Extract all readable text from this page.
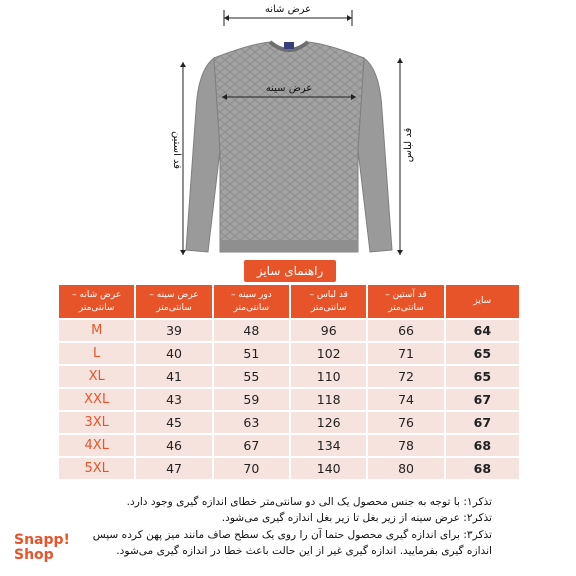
عرض شانه
عرض سینه
قد آستین	قد لباس
راهنمای سایز
عرض شانه – سانتی‌متر	عرض سینه – سانتی‌متر	دور سینه – سانتی‌متر	قد لباس – سانتی‌متر	قد آستین – سانتی‌متر	سایز
M	39	48	96	66	64
L	40	51	102	71	65
XL	41	55	110	72	65
XXL	43	59	118	74	67
3XL	45	63	126	76	67
4XL	46	67	134	78	68
5XL	47	70	140	80	68

تذکر۱: با توجه به جنس محصول یک الی دو سانتی‌متر خطای اندازه گیری وجود دارد.

تذکر۲: عرض سینه از زیر بغل تا زیر بغل اندازه گیری می‌شود.

تذکر۳: برای اندازه گیری محصول حتما آن را روی یک سطح صاف مانند میز پهن کرده سپس اندازه گیری بفرمایید. اندازه گیری غیر از این حالت باعث خطا در اندازه گیری می‌شود.

Snapp!
Shop
